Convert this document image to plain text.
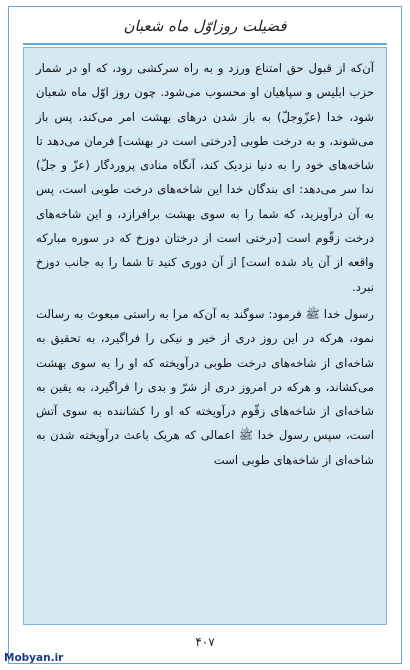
فضیلت روزاوّل ماه شعبان

آن‌که از قبول حق امتناع ورزد و به راه سرکشی رود، که او در شمار حزب ابلیس و سپاهیان او محسوب می‌شود. چون روز اوّل ماه شعبان شود، خدا (عزّوجلّ) به باز شدن درهای بهشت امر می‌کند، پس باز می‌شوند، و به درخت طوبی [درختی است در بهشت] فرمان می‌دهد تا شاخه‌های خود را به دنیا نزدیک کند، آنگاه منادی پروردگار (عزّ و جلّ) ندا سر می‌دهد: ای بندگان خدا این شاخه‌های درخت طوبی است، پس به آن درآویزید، که شما را به سوی بهشت برافرازد، و این شاخه‌های درخت زقّوم است [درختی است از درختان دوزخ که در سوره مبارکه واقعه از آن یاد شده است] از آن دوری کنید تا شما را به جانب دوزخ نبرد.

رسول خدا ﷺ فرمود: سوگند به آن‌که مرا به راستی مبعوث به رسالت نمود، هرکه در این روز دری از خیر و نیکی را فراگیرد، به تحقیق به شاخه‌ای از شاخه‌های درخت طوبی درآویخته که او را به سوی بهشت می‌کشاند، و هرکه در امروز دری از شرّ و بدی را فراگیرد، به یقین به شاخه‌ای از شاخه‌های زقّوم درآویخته که او را کشاننده به سوی آتش است، سپس رسول خدا ﷺ اعمالی که هریک باعث درآویخته شدن به شاخه‌ای از شاخه‌های طوبی است

۴۰۷
Mobyan.ir
